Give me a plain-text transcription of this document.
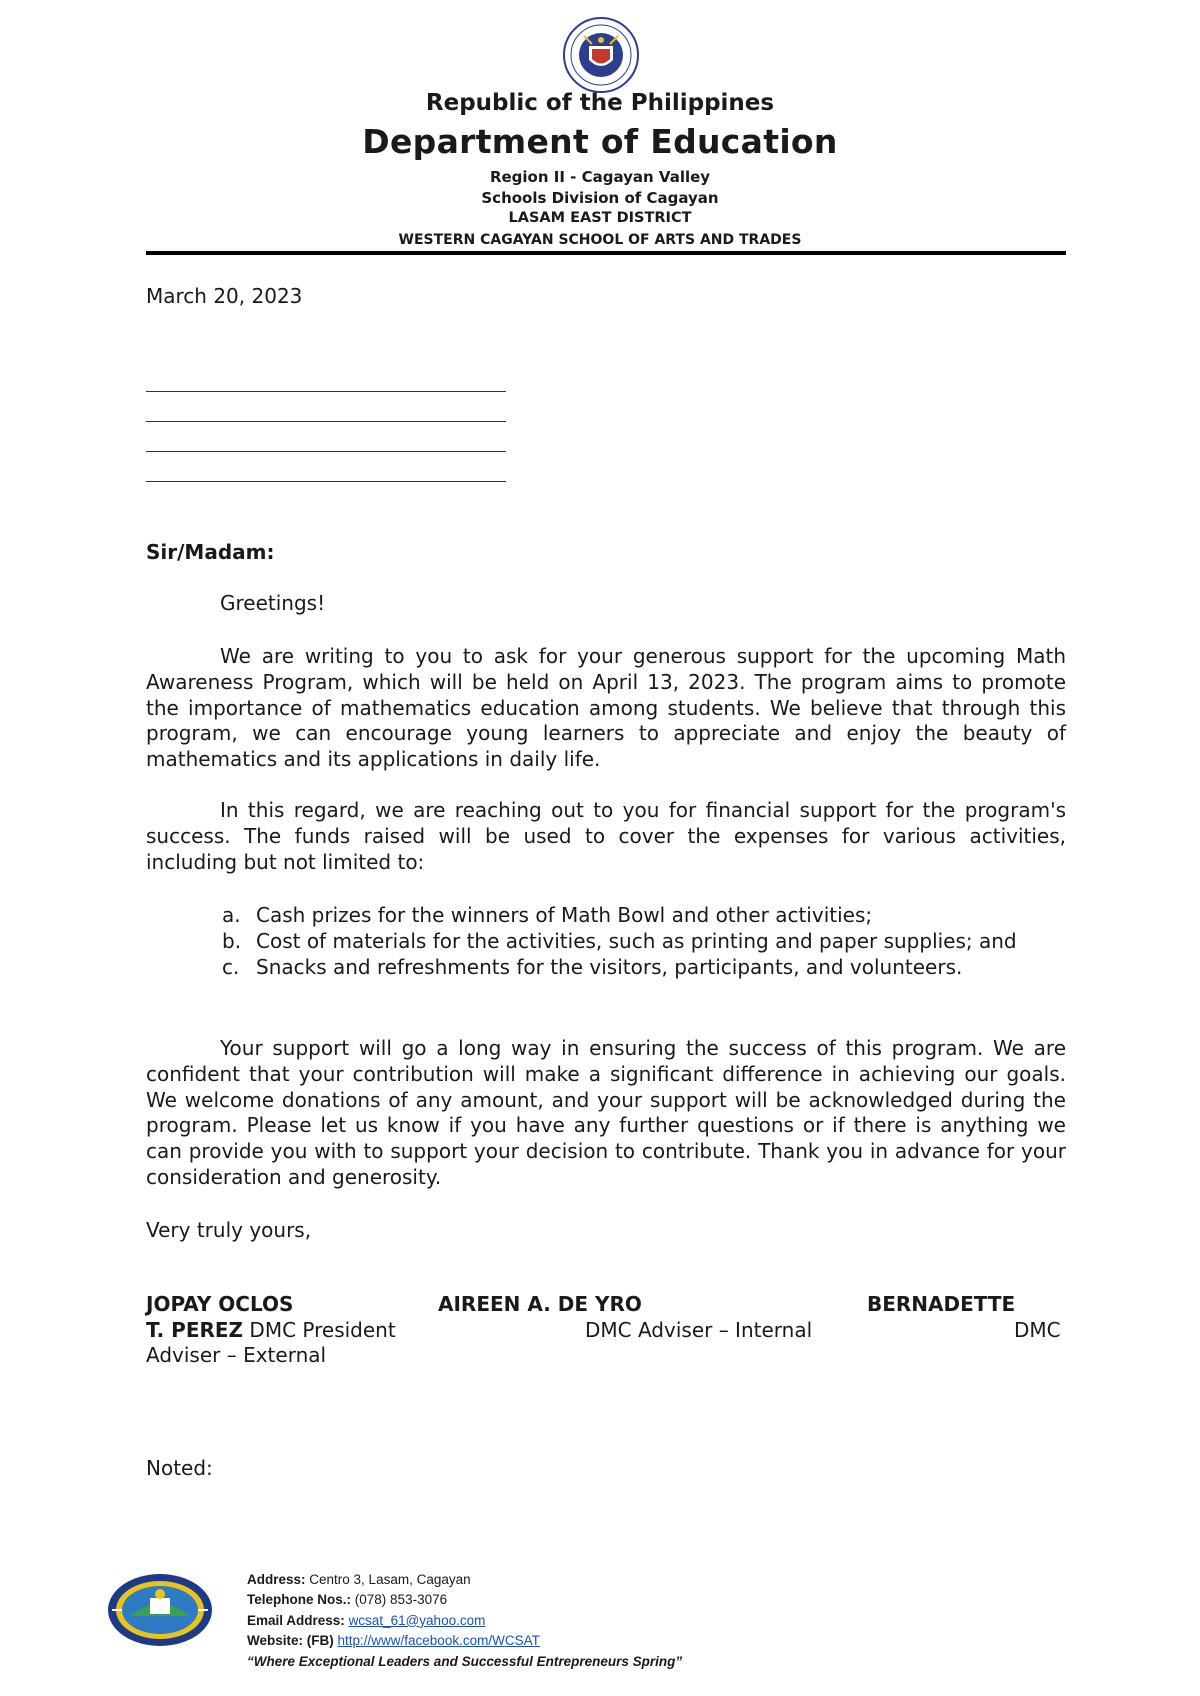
Republic of the Philippines
Department of Education
Region II - Cagayan Valley
Schools Division of Cagayan
LASAM EAST DISTRICT
WESTERN CAGAYAN SCHOOL OF ARTS AND TRADES
March 20, 2023
Sir/Madam:
Greetings!

We are writing to you to ask for your generous support for the upcoming Math Awareness Program, which will be held on April 13, 2023. The program aims to promote the importance of mathematics education among students. We believe that through this program, we can encourage young learners to appreciate and enjoy the beauty of mathematics and its applications in daily life.

In this regard, we are reaching out to you for financial support for the program's success. The funds raised will be used to cover the expenses for various activities, including but not limited to:

a. Cash prizes for the winners of Math Bowl and other activities;
b. Cost of materials for the activities, such as printing and paper supplies; and
c. Snacks and refreshments for the visitors, participants, and volunteers.

Your support will go a long way in ensuring the success of this program. We are confident that your contribution will make a significant difference in achieving our goals. We welcome donations of any amount, and your support will be acknowledged during the program. Please let us know if you have any further questions or if there is anything we can provide you with to support your decision to contribute. Thank you in advance for your consideration and generosity.

Very truly yours,
JOPAY OCLOS	AIREEN A. DE YRO	BERNADETTE
T. PEREZ DMC President	DMC Adviser – Internal	DMC
Adviser – External
Noted:
Address: Centro 3, Lasam, Cagayan
Telephone Nos.: (078) 853-3076
Email Address: wcsat_61@yahoo.com
Website: (FB) http://www/facebook.com/WCSAT
“Where Exceptional Leaders and Successful Entrepreneurs Spring”
